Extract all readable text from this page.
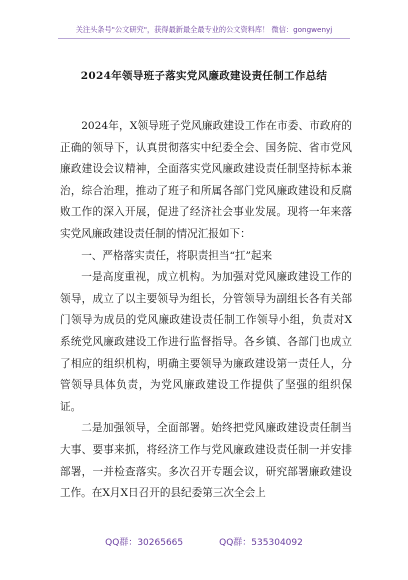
关注头条号"公文研究"，获得最新最全最专业的公文资料库！ 微信：gongwenyj
2024年领导班子落实党风廉政建设责任制工作总结

2024年，X领导班子党风廉政建设工作在市委、市政府的正确的领导下，认真贯彻落实中纪委全会、国务院、省市党风廉政建设会议精神，全面落实党风廉政建设责任制坚持标本兼治，综合治理，推动了班子和所属各部门党风廉政建设和反腐败工作的深入开展，促进了经济社会事业发展。现将一年来落实党风廉政建设责任制的情况汇报如下：

一、严格落实责任，将职责担当“扛”起来

一是高度重视，成立机构。为加强对党风廉政建设工作的领导，成立了以主要领导为组长，分管领导为副组长各有关部门领导为成员的党风廉政建设责任制工作领导小组，负责对X系统党风廉政建设工作进行监督指导。各乡镇、各部门也成立了相应的组织机构，明确主要领导为廉政建设第一责任人，分管领导具体负责，为党风廉政建设工作提供了坚强的组织保证。

二是加强领导，全面部署。始终把党风廉政建设责任制当大事、要事来抓，将经济工作与党风廉政建设责任制一并安排部署，一并检查落实。多次召开专题会议，研究部署廉政建设工作。在X月X日召开的县纪委第三次全会上

QQ群：30265665	QQ群：535304092
